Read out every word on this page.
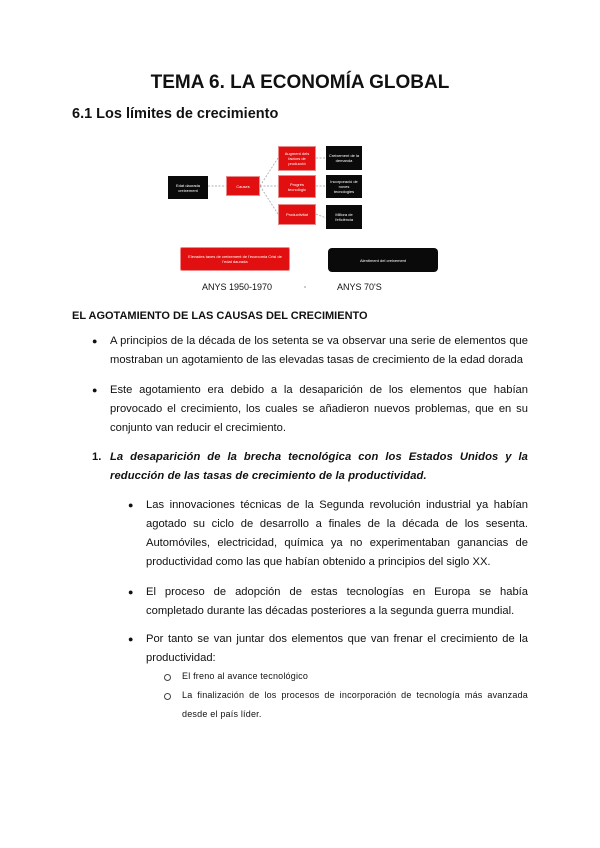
TEMA 6. LA ECONOMÍA GLOBAL
6.1 Los límites de crecimiento
Edat daurada creixement
Causes
Augment dels factors de producció
Progrés tecnològic
Productivitat
Creixement de la demanda
Incorporació de noves tecnologies
Millora de l'eficiència
Elevades taxes de creixement de l'economia Crisi de l'edat daurada	Alentiment del creixement

ANYS 1950-1970	ANYS 70'S

EL AGOTAMIENTO DE LAS CAUSAS DEL CRECIMIENTO
● A principios de la década de los setenta se va observar una serie de elementos que mostraban un agotamiento de las elevadas tasas de crecimiento de la edad dorada

● Este agotamiento era debido a la desaparición de los elementos que habían provocado el crecimiento, los cuales se añadieron nuevos problemas, que en su conjunto van reducir el crecimiento.

1. La desaparición de la brecha tecnológica con los Estados Unidos y la reducción de las tasas de crecimiento de la productividad.

● Las innovaciones técnicas de la Segunda revolución industrial ya habían agotado su ciclo de desarrollo a finales de la década de los sesenta. Automóviles, electricidad, química ya no experimentaban ganancias de productividad como las que habían obtenido a principios del siglo XX.

● El proceso de adopción de estas tecnologías en Europa se había completado durante las décadas posteriores a la segunda guerra mundial.

● Por tanto se van juntar dos elementos que van frenar el crecimiento de la productividad:

El freno al avance tecnológico

La finalización de los procesos de incorporación de tecnología más avanzada desde el país líder.
